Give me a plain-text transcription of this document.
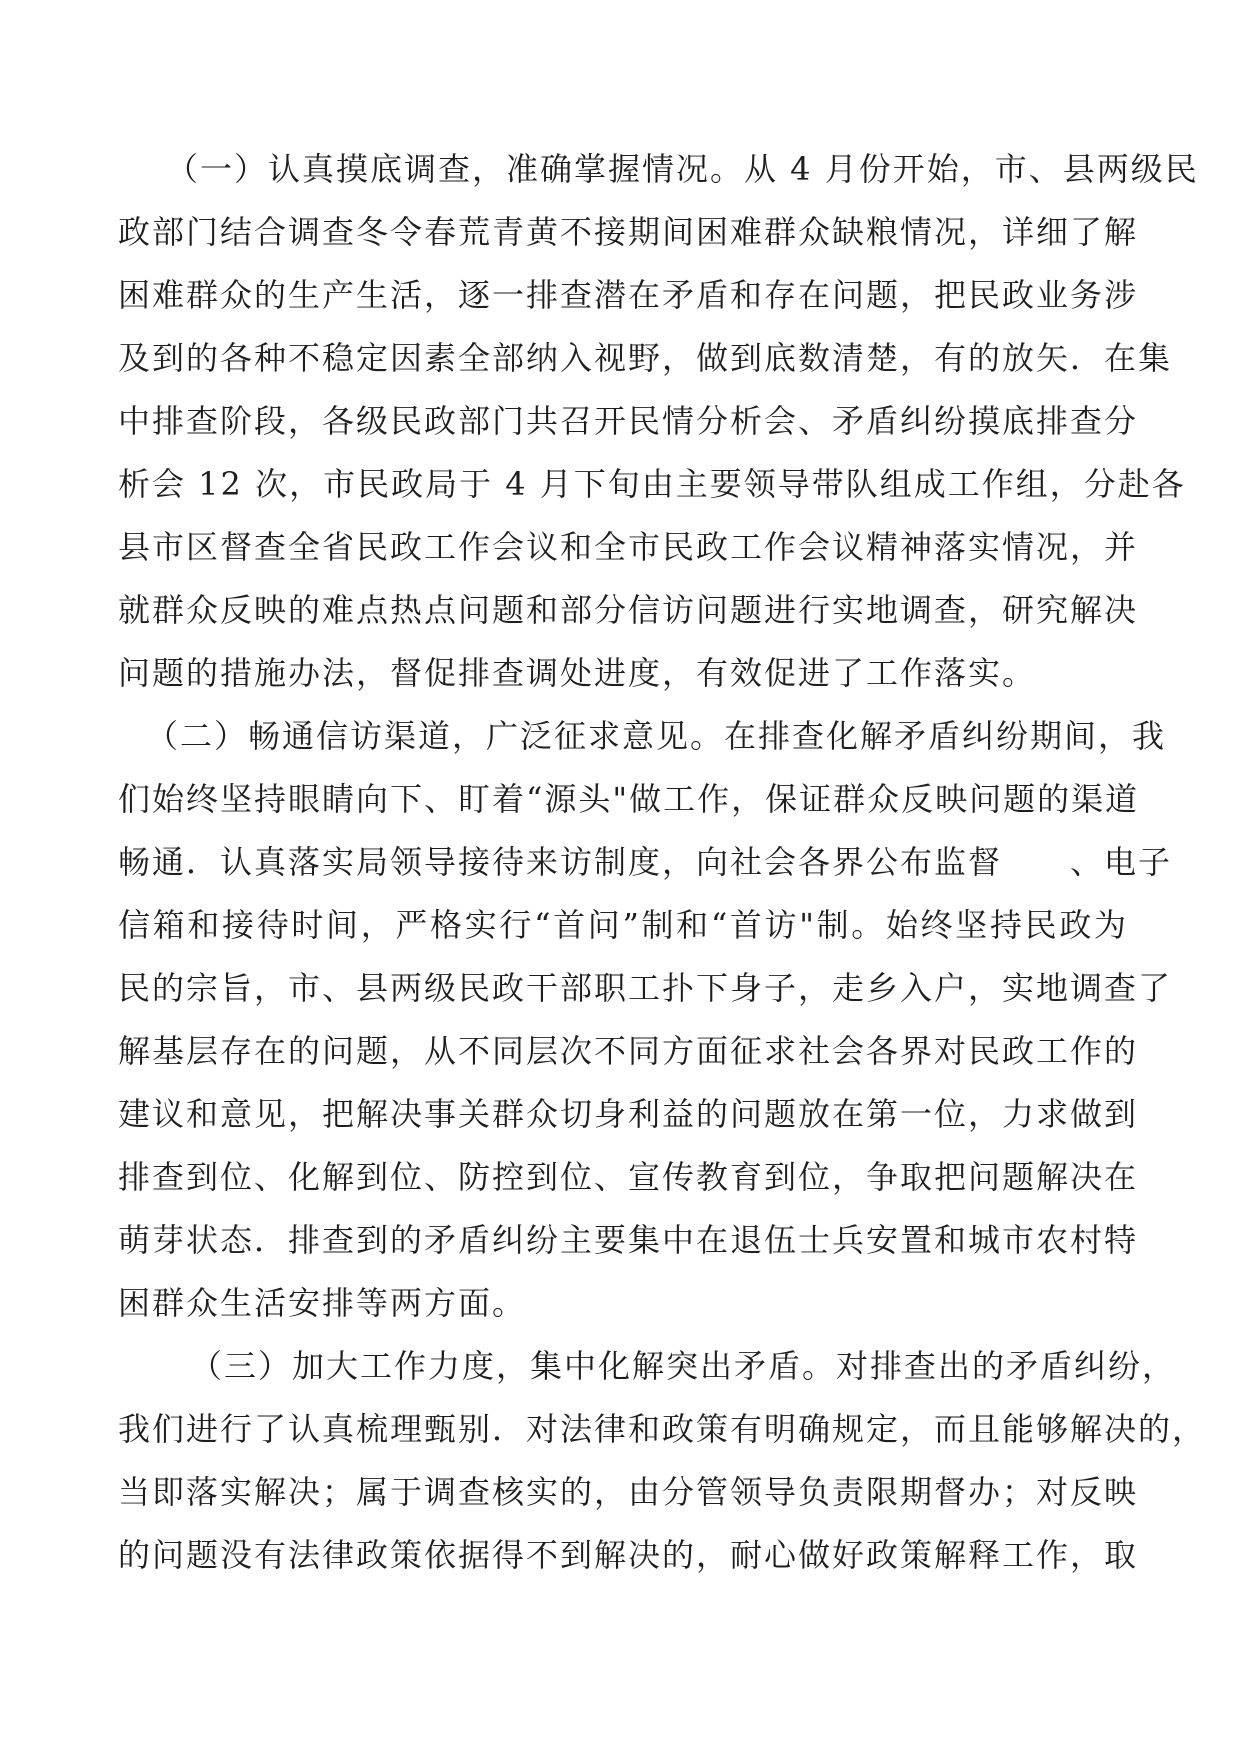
（一）认真摸底调查，准确掌握情况。从 4 月份开始，市、县两级民
政部门结合调查冬令春荒青黄不接期间困难群众缺粮情况，详细了解
困难群众的生产生活，逐一排查潜在矛盾和存在问题，把民政业务涉
及到的各种不稳定因素全部纳入视野，做到底数清楚，有的放矢．在集
中排查阶段，各级民政部门共召开民情分析会、矛盾纠纷摸底排查分
析会 12 次，市民政局于 4 月下旬由主要领导带队组成工作组，分赴各
县市区督查全省民政工作会议和全市民政工作会议精神落实情况，并
就群众反映的难点热点问题和部分信访问题进行实地调查，研究解决
问题的措施办法，督促排查调处进度，有效促进了工作落实。
（二）畅通信访渠道，广泛征求意见。在排查化解矛盾纠纷期间，我
们始终坚持眼睛向下、盯着“源头"做工作，保证群众反映问题的渠道
畅通．认真落实局领导接待来访制度，向社会各界公布监督　　、电子
信箱和接待时间，严格实行“首问”制和“首访"制。始终坚持民政为
民的宗旨，市、县两级民政干部职工扑下身子，走乡入户，实地调查了
解基层存在的问题，从不同层次不同方面征求社会各界对民政工作的
建议和意见，把解决事关群众切身利益的问题放在第一位，力求做到
排查到位、化解到位、防控到位、宣传教育到位，争取把问题解决在
萌芽状态．排查到的矛盾纠纷主要集中在退伍士兵安置和城市农村特
困群众生活安排等两方面。
（三）加大工作力度，集中化解突出矛盾。对排查出的矛盾纠纷，
我们进行了认真梳理甄别．对法律和政策有明确规定，而且能够解决的，
当即落实解决；属于调查核实的，由分管领导负责限期督办；对反映
的问题没有法律政策依据得不到解决的，耐心做好政策解释工作，取
